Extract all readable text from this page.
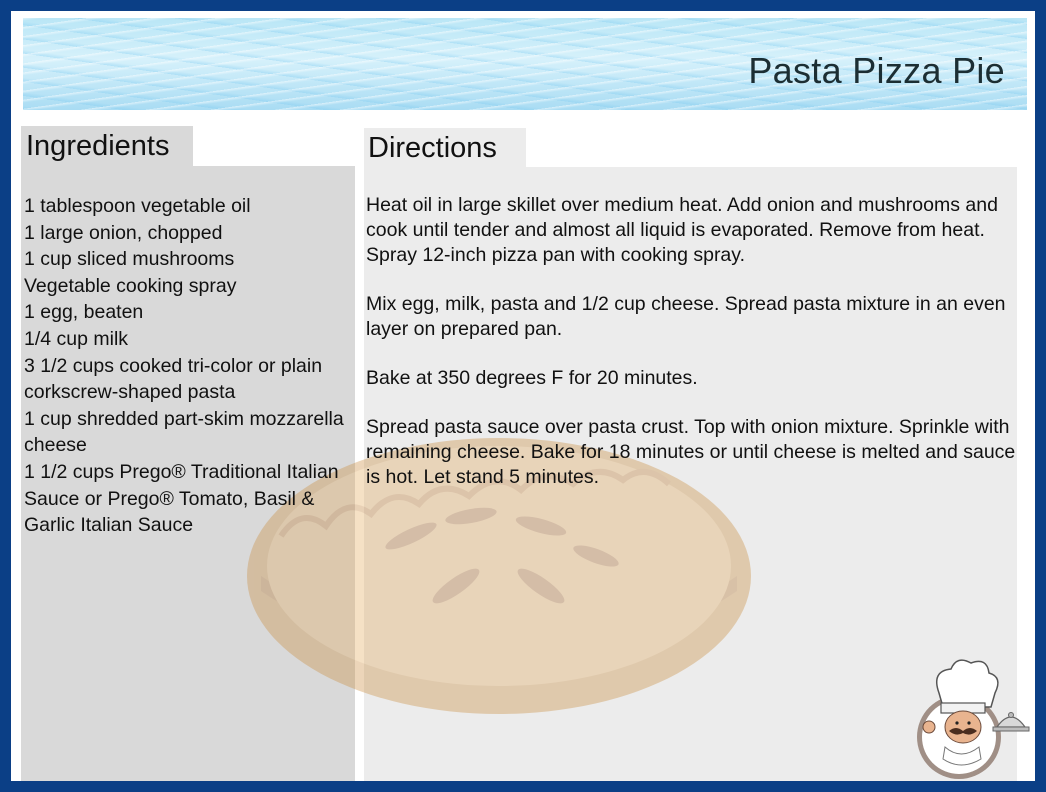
Pasta Pizza Pie
Ingredients	Directions
1 tablespoon vegetable oil
1 large onion, chopped
1 cup sliced mushrooms
Vegetable cooking spray
1 egg, beaten
1/4 cup milk
3 1/2 cups cooked tri-color or plain corkscrew-shaped pasta
1 cup shredded part-skim mozzarella cheese
1 1/2 cups Prego® Traditional Italian Sauce or Prego® Tomato, Basil & Garlic Italian Sauce

Heat oil in large skillet over medium heat. Add onion and mushrooms and cook until tender and almost all liquid is evaporated. Remove from heat. Spray 12-inch pizza pan with cooking spray.

Mix egg, milk, pasta and 1/2 cup cheese. Spread pasta mixture in an even layer on prepared pan.

Bake at 350 degrees F for 20 minutes.

Spread pasta sauce over pasta crust. Top with onion mixture. Sprinkle with remaining cheese. Bake for 18 minutes or until cheese is melted and sauce is hot. Let stand 5 minutes.
